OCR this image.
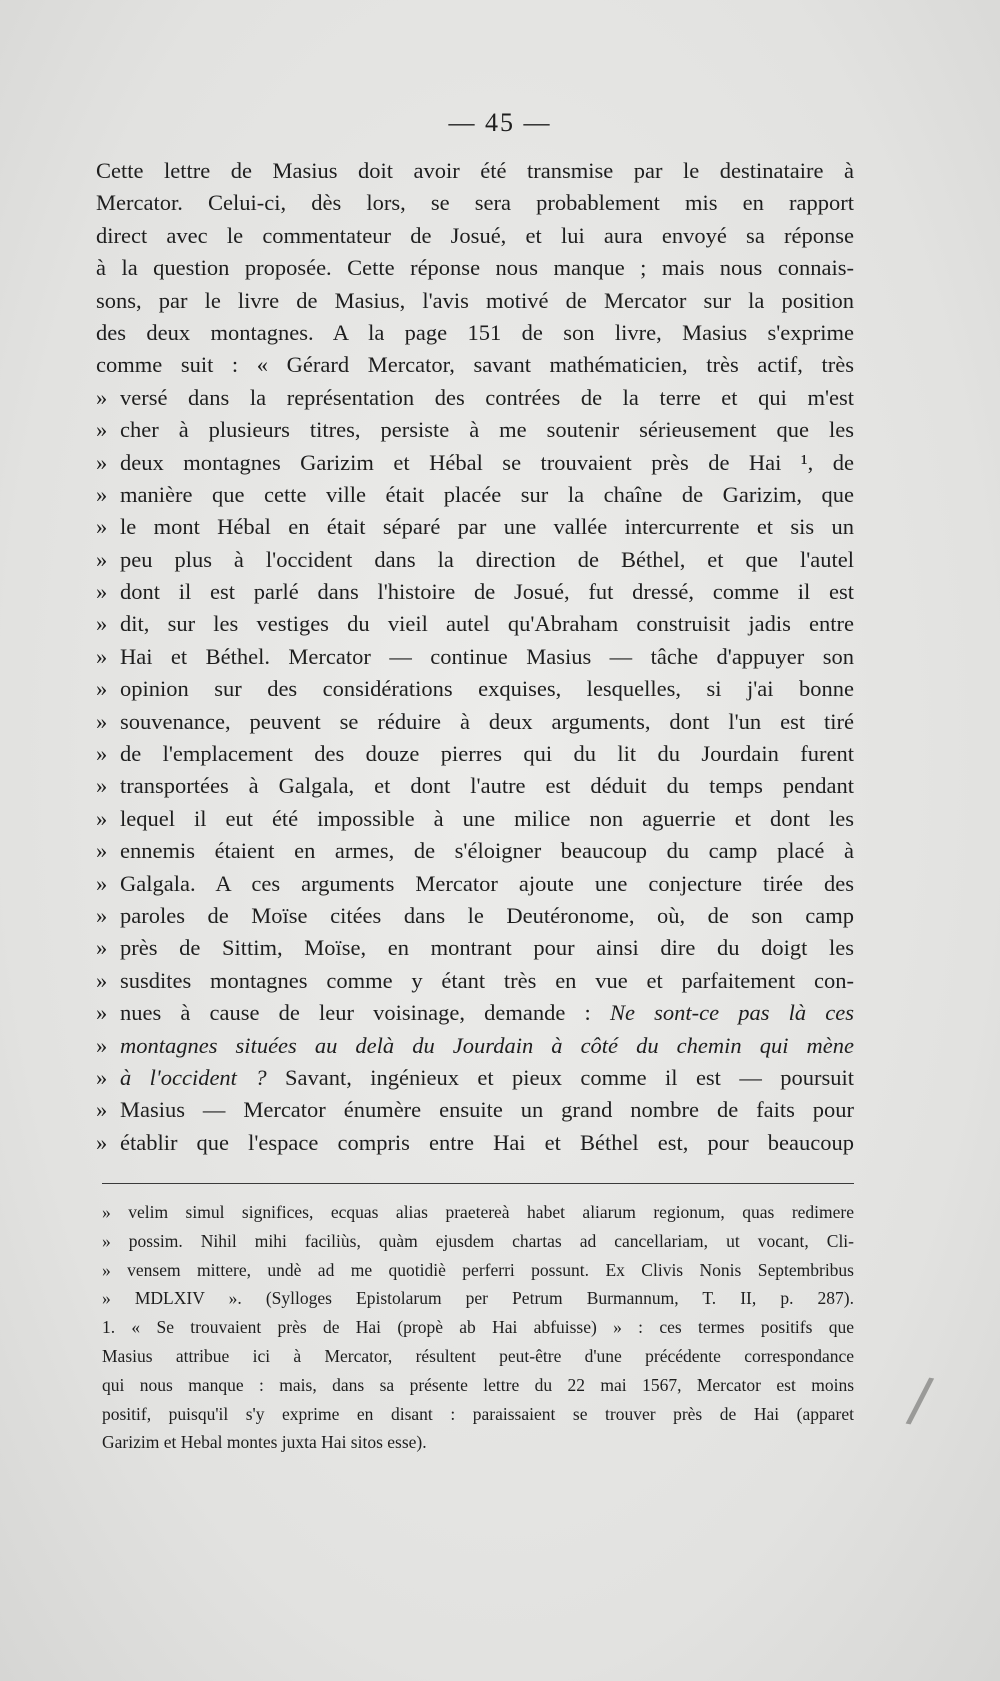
— 45 —
Cette lettre de Masius doit avoir été transmise par le destinataire à
Mercator. Celui-ci, dès lors, se sera probablement mis en rapport
direct avec le commentateur de Josué, et lui aura envoyé sa réponse
à la question proposée. Cette réponse nous manque ; mais nous connais-
sons, par le livre de Masius, l'avis motivé de Mercator sur la position
des deux montagnes. A la page 151 de son livre, Masius s'exprime
comme suit : « Gérard Mercator, savant mathématicien, très actif, très
» versé dans la représentation des contrées de la terre et qui m'est
» cher à plusieurs titres, persiste à me soutenir sérieusement que les
» deux montagnes Garizim et Hébal se trouvaient près de Hai ¹, de
» manière que cette ville était placée sur la chaîne de Garizim, que
» le mont Hébal en était séparé par une vallée intercurrente et sis un
» peu plus à l'occident dans la direction de Béthel, et que l'autel
» dont il est parlé dans l'histoire de Josué, fut dressé, comme il est
» dit, sur les vestiges du vieil autel qu'Abraham construisit jadis entre
» Hai et Béthel. Mercator — continue Masius — tâche d'appuyer son
» opinion sur des considérations exquises, lesquelles, si j'ai bonne
» souvenance, peuvent se réduire à deux arguments, dont l'un est tiré
» de l'emplacement des douze pierres qui du lit du Jourdain furent
» transportées à Galgala, et dont l'autre est déduit du temps pendant
» lequel il eut été impossible à une milice non aguerrie et dont les
» ennemis étaient en armes, de s'éloigner beaucoup du camp placé à
» Galgala. A ces arguments Mercator ajoute une conjecture tirée des
» paroles de Moïse citées dans le Deutéronome, où, de son camp
» près de Sittim, Moïse, en montrant pour ainsi dire du doigt les
» susdites montagnes comme y étant très en vue et parfaitement con-
» nues à cause de leur voisinage, demande : Ne sont-ce pas là ces
» montagnes situées au delà du Jourdain à côté du chemin qui mène
» à l'occident ? Savant, ingénieux et pieux comme il est — poursuit
» Masius — Mercator énumère ensuite un grand nombre de faits pour
» établir que l'espace compris entre Hai et Béthel est, pour beaucoup
» velim simul significes, ecquas alias praetereà habet aliarum regionum, quas redimere
» possim. Nihil mihi faciliùs, quàm ejusdem chartas ad cancellariam, ut vocant, Cli-
» vensem mittere, undè ad me quotidiè perferri possunt. Ex Clivis Nonis Septembribus
» MDLXIV ». (Sylloges Epistolarum per Petrum Burmannum, T. II, p. 287).
1. « Se trouvaient près de Hai (propè ab Hai abfuisse) » : ces termes positifs que
Masius attribue ici à Mercator, résultent peut-être d'une précédente correspondance
qui nous manque : mais, dans sa présente lettre du 22 mai 1567, Mercator est moins
positif, puisqu'il s'y exprime en disant : paraissaient se trouver près de Hai (apparet
Garizim et Hebal montes juxta Hai sitos esse).
/
